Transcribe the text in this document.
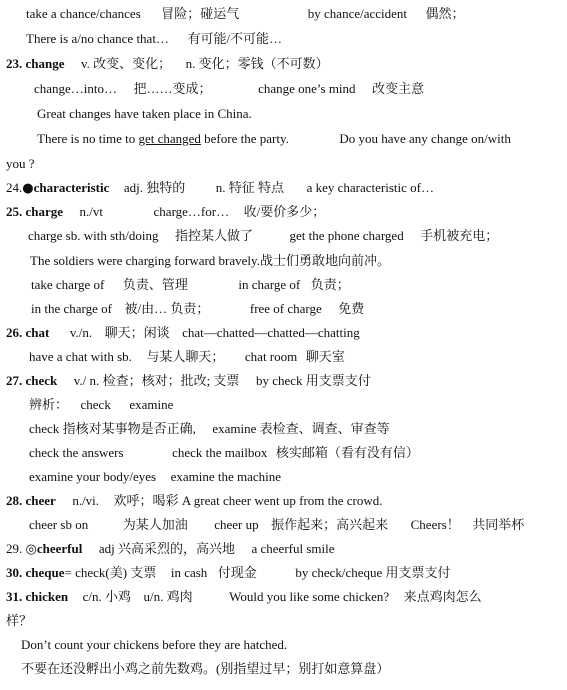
take a chance/chances 冒险；碰运气	by chance/accident 偶然；
There is a/no chance that… 有可能/不可能…
23. change v. 改变、变化； n. 变化；零钱（不可数）
change…into… 把……变成；	change one’s mind 改变主意
Great changes have taken place in China.
There is no time to get changed before the party.	Do you have any change on/with
you ?
24.●characteristic adj. 独特的 n. 特征 特点 a key characteristic of…
25. charge n./vt	charge…for… 收/要价多少；
charge sb. with sth/doing 指控某人做了	get the phone charged 手机被充电；
The soldiers were charging forward bravely.战士们勇敢地向前冲。
take charge of 负责、管理	in charge of 负责；
in the charge of 被/由… 负责；	free of charge 免费
26. chat v./n. 聊天；闲谈 chat—chatted—chatted—chatting
have a chat with sb. 与某人聊天； chat room 聊天室
27. check v./ n. 检查；核对；批改; 支票 by check 用支票支付
辨析： check examine
check 指核对某事物是否正确, examine 表检查、调查、审查等
check the answers	check the mailbox 核实邮箱（看有没有信）
examine your body/eyes examine the machine
28. cheer n./vi. 欢呼；喝彩 A great cheer went up from the crowd.
cheer sb on	为某人加油 cheer up 振作起来；高兴起来 Cheers！ 共同举杯
29. ◎cheerful adj 兴高采烈的，高兴地 a cheerful smile
30. cheque= check(美) 支票 in cash 付现金	by check/cheque 用支票支付
31. chicken c/n. 小鸡 u/n. 鸡肉	Would you like some chicken? 来点鸡肉怎么
样？
Don’t count your chickens before they are hatched.
不要在还没孵出小鸡之前先数鸡。(别指望过早；别打如意算盘）
